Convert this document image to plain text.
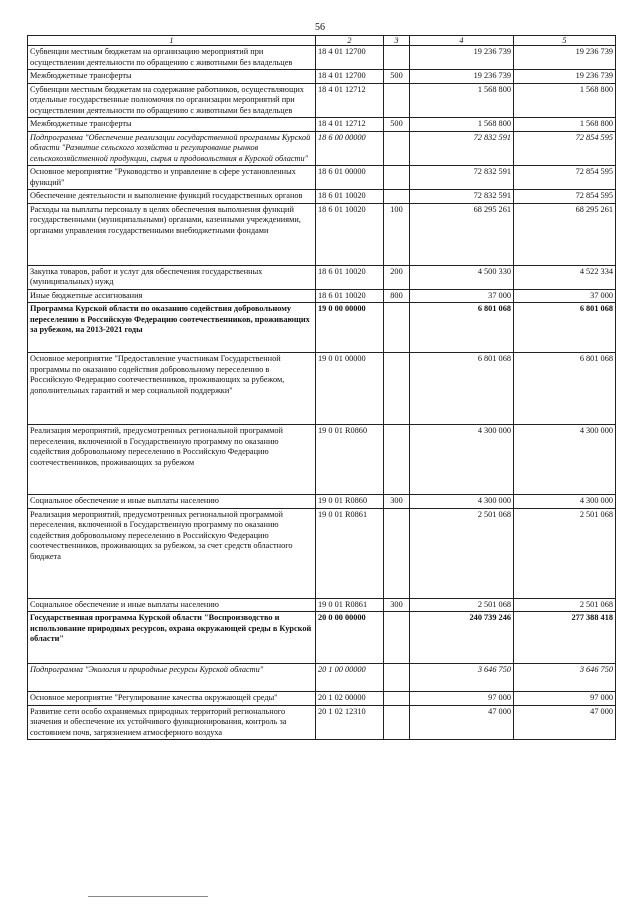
56
1	2	3	4	5
Субвенции местным бюджетам на организацию мероприятий при осуществлении деятельности по обращению с животными без владельцев	18 4 01 12700		19 236 739	19 236 739
Межбюджетные трансферты	18 4 01 12700	500	19 236 739	19 236 739
Субвенции местным бюджетам на содержание работников, осуществляющих отдельные государственные полномочия по организации мероприятий при осуществлении деятельности по обращению с животными без владельцев	18 4 01 12712		1 568 800	1 568 800
Межбюджетные трансферты	18 4 01 12712	500	1 568 800	1 568 800
Подпрограмма "Обеспечение реализации государственной программы Курской области "Развитие сельского хозяйства и регулирование рынков сельскохозяйственной продукции, сырья и продовольствия в Курской области"	18 6 00 00000		72 832 591	72 854 595
Основное мероприятие "Руководство и управление в сфере установленных функций"	18 6 01 00000		72 832 591	72 854 595
Обеспечение деятельности и выполнение функций государственных органов	18 6 01 10020		72 832 591	72 854 595
Расходы на выплаты персоналу в целях обеспечения выполнения функций государственными (муниципальными) органами, казенными учреждениями, органами управления государственными внебюджетными фондами	18 6 01 10020	100	68 295 261	68 295 261
Закупка товаров, работ и услуг для обеспечения государственных (муниципальных) нужд	18 6 01 10020	200	4 500 330	4 522 334
Иные бюджетные ассигнования	18 6 01 10020	800	37 000	37 000
Программа Курской области по оказанию содействия добровольному переселению в Российскую Федерацию соотечественников, проживающих за рубежом, на 2013-2021 годы	19 0 00 00000		6 801 068	6 801 068
Основное мероприятие "Предоставление участникам Государственной программы по оказанию содействия добровольному переселению в Российскую Федерацию соотечественников, проживающих за рубежом, дополнительных гарантий и мер социальной поддержки"	19 0 01 00000		6 801 068	6 801 068
Реализация мероприятий, предусмотренных региональной программой переселения, включенной в Государственную программу по оказанию содействия добровольному переселению в Российскую Федерацию соотечественников, проживающих за рубежом	19 0 01 R0860		4 300 000	4 300 000
Социальное обеспечение и иные выплаты населению	19 0 01 R0860	300	4 300 000	4 300 000
Реализация мероприятий, предусмотренных региональной программой переселения, включенной в Государственную программу по оказанию содействия добровольному переселению в Российскую Федерацию соотечественников, проживающих за рубежом, за счет средств областного бюджета	19 0 01 R0861		2 501 068	2 501 068
Социальное обеспечение и иные выплаты населению	19 0 01 R0861	300	2 501 068	2 501 068
Государственная программа Курской области "Воспроизводство и использование природных ресурсов, охрана окружающей среды в Курской области"	20 0 00 00000		240 739 246	277 388 418
Подпрограмма "Экология и природные ресурсы Курской области"	20 1 00 00000		3 646 750	3 646 750
Основное мероприятие "Регулирование качества окружающей среды"	20 1 02 00000		97 000	97 000
Развитие сети особо охраняемых природных территорий регионального значения и обеспечение их устойчивого функционирования, контроль за состоянием почв, загрязнением атмосферного воздуха	20 1 02 12310		47 000	47 000
